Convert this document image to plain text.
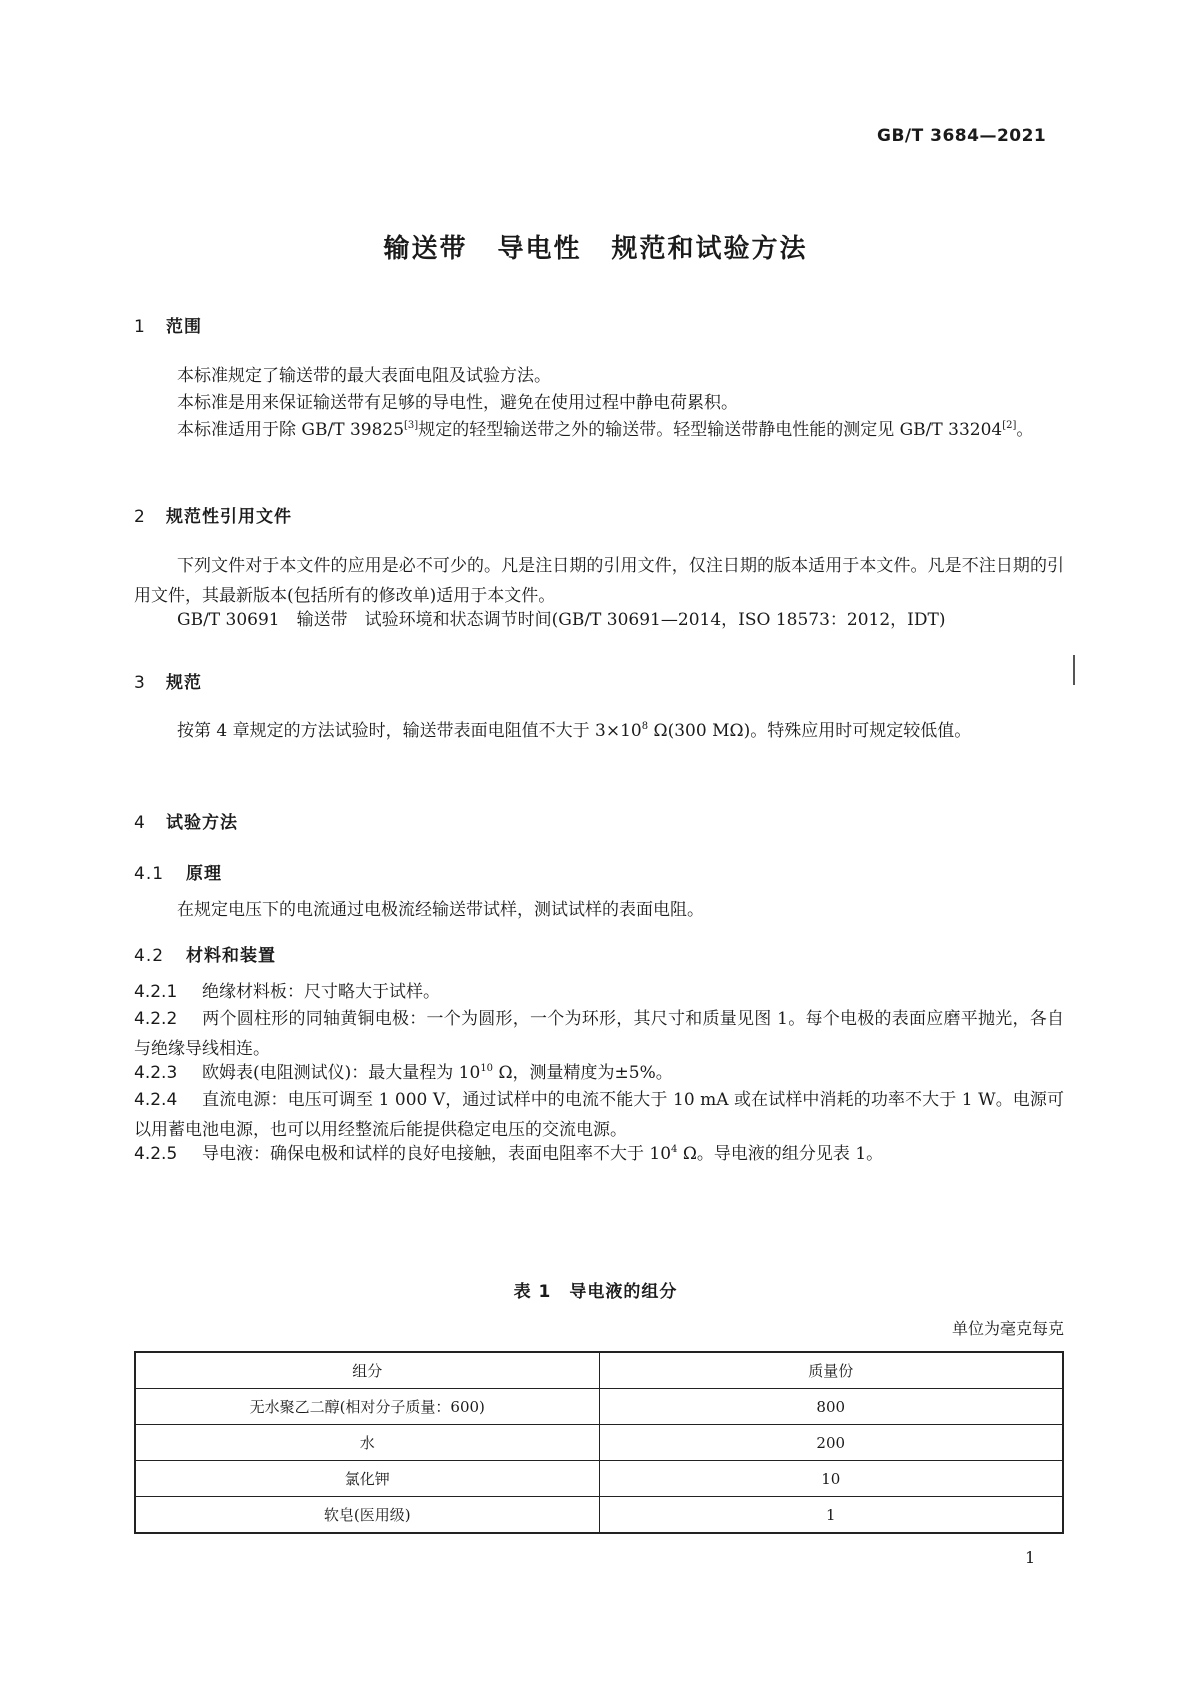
GB/T 3684—2021
输送带 导电性 规范和试验方法
1 范围
本标准规定了输送带的最大表面电阻及试验方法。
本标准是用来保证输送带有足够的导电性，避免在使用过程中静电荷累积。
本标准适用于除 GB/T 39825[3]规定的轻型输送带之外的输送带。轻型输送带静电性能的测定见 GB/T 33204[2]。
2 规范性引用文件
下列文件对于本文件的应用是必不可少的。凡是注日期的引用文件，仅注日期的版本适用于本文件。凡是不注日期的引用文件，其最新版本(包括所有的修改单)适用于本文件。
GB/T 30691　输送带　试验环境和状态调节时间(GB/T 30691—2014，ISO 18573：2012，IDT)
3 规范
按第 4 章规定的方法试验时，输送带表面电阻值不大于 $3\times 10^8$ Ω(300 MΩ)。特殊应用时可规定较低值。
4 试验方法
4.1 原理
在规定电压下的电流通过电极流经输送带试样，测试试样的表面电阻。
4.2 材料和装置
4.2.1 绝缘材料板：尺寸略大于试样。
4.2.2 两个圆柱形的同轴黄铜电极：一个为圆形，一个为环形，其尺寸和质量见图 1。每个电极的表面应磨平抛光，各自与绝缘导线相连。
4.2.3 欧姆表(电阻测试仪)：最大量程为 $10^{10}$ Ω，测量精度为±5%。
4.2.4 直流电源：电压可调至 1 000 V，通过试样中的电流不能大于 10 mA 或在试样中消耗的功率不大于 1 W。电源可以用蓄电池电源，也可以用经整流后能提供稳定电压的交流电源。
4.2.5 导电液：确保电极和试样的良好电接触，表面电阻率不大于 $10^4$ Ω。导电液的组分见表 1。
表 1　导电液的组分
单位为毫克每克
组分	质量份
无水聚乙二醇(相对分子质量：600)	800
水	200
氯化钾	10
软皂(医用级)	1
1
